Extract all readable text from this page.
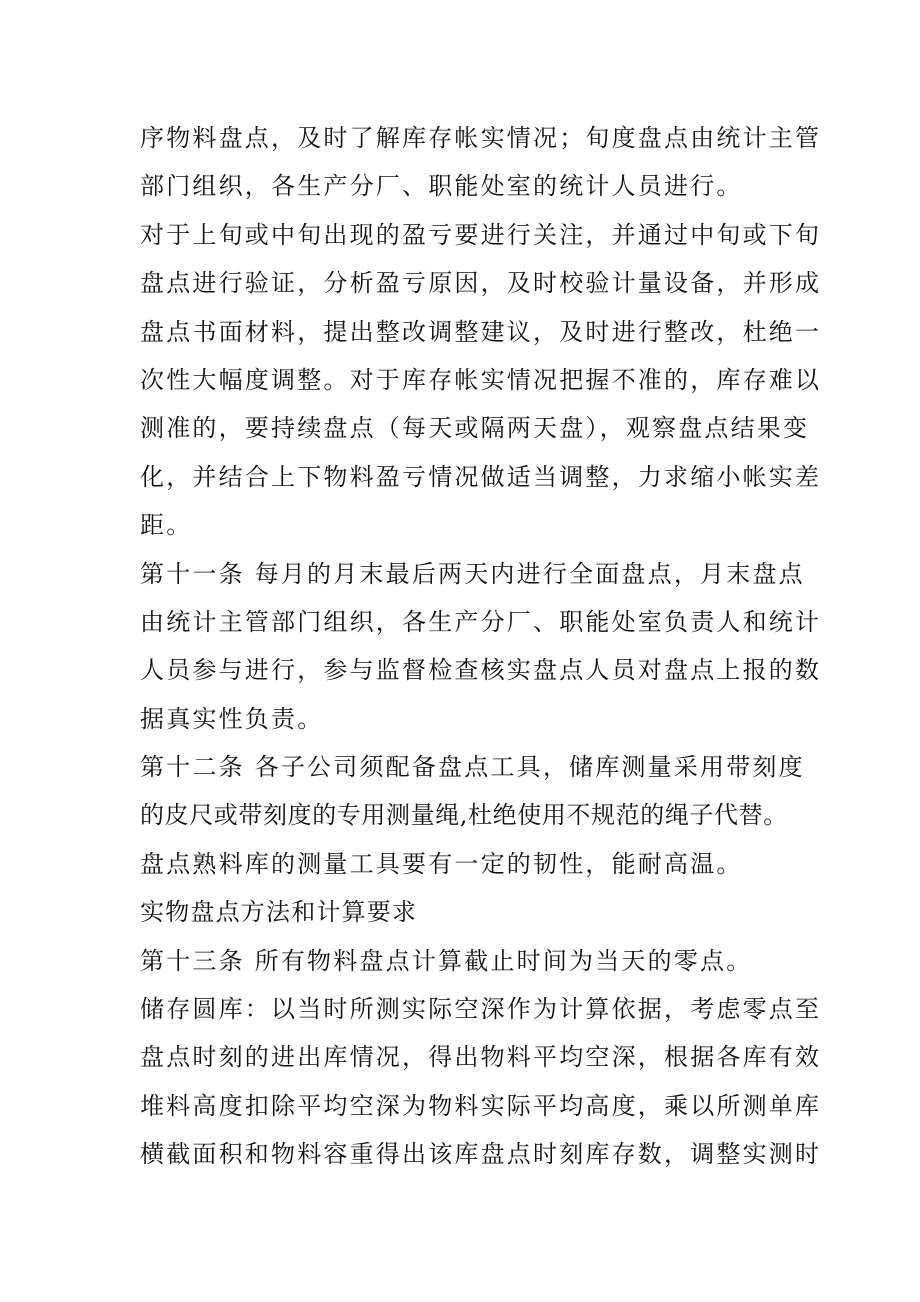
序物料盘点，及时了解库存帐实情况；旬度盘点由统计主管
部门组织，各生产分厂、职能处室的统计人员进行。
对于上旬或中旬出现的盈亏要进行关注，并通过中旬或下旬
盘点进行验证，分析盈亏原因，及时校验计量设备，并形成
盘点书面材料，提出整改调整建议，及时进行整改，杜绝一
次性大幅度调整。对于库存帐实情况把握不准的，库存难以
测准的，要持续盘点（每天或隔两天盘），观察盘点结果变
化，并结合上下物料盈亏情况做适当调整，力求缩小帐实差
距。
第十一条 每月的月末最后两天内进行全面盘点，月末盘点
由统计主管部门组织，各生产分厂、职能处室负责人和统计
人员参与进行，参与监督检查核实盘点人员对盘点上报的数
据真实性负责。
第十二条 各子公司须配备盘点工具，储库测量采用带刻度
的皮尺或带刻度的专用测量绳,杜绝使用不规范的绳子代替。
盘点熟料库的测量工具要有一定的韧性，能耐高温。
实物盘点方法和计算要求
第十三条 所有物料盘点计算截止时间为当天的零点。
储存圆库：以当时所测实际空深作为计算依据，考虑零点至
盘点时刻的进出库情况，得出物料平均空深，根据各库有效
堆料高度扣除平均空深为物料实际平均高度，乘以所测单库
横截面积和物料容重得出该库盘点时刻库存数，调整实测时
